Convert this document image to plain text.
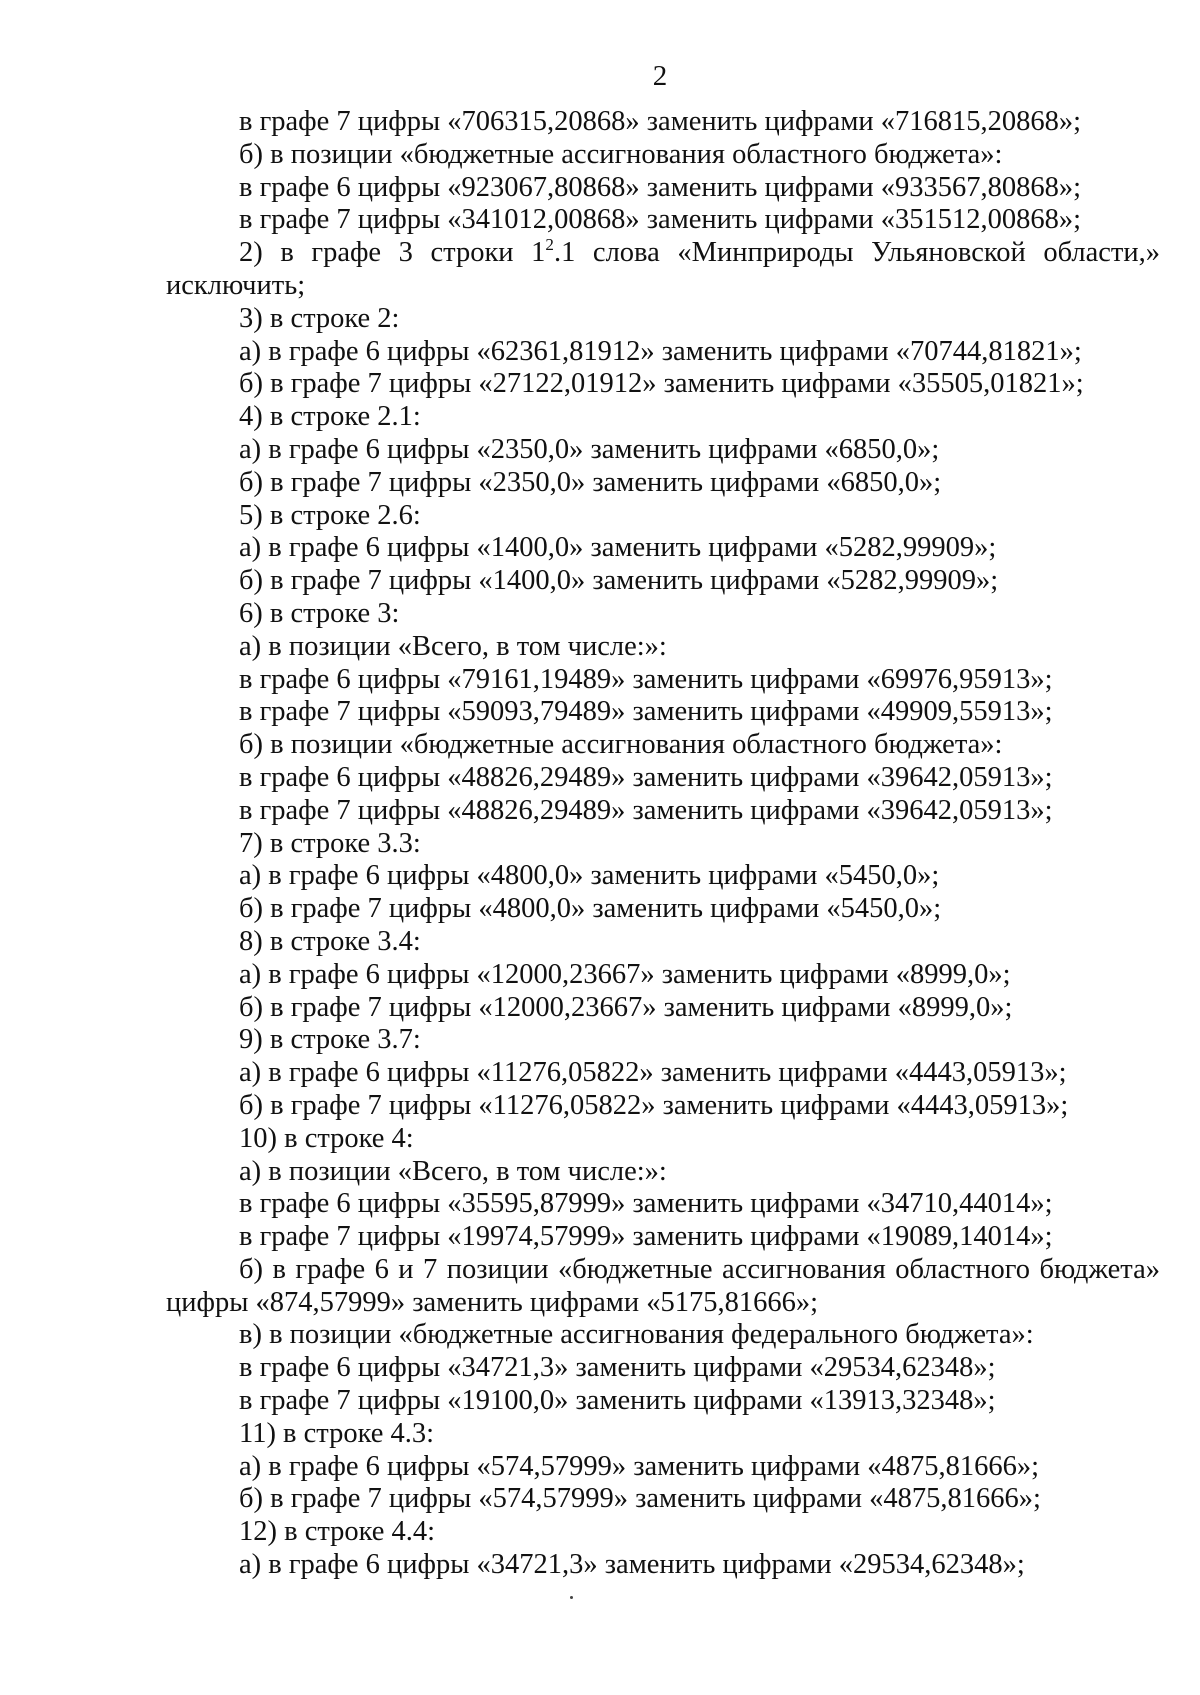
2
в графе 7 цифры «706315,20868» заменить цифрами «716815,20868»;
б) в позиции «бюджетные ассигнования областного бюджета»:
в графе 6 цифры «923067,80868» заменить цифрами «933567,80868»;
в графе 7 цифры «341012,00868» заменить цифрами «351512,00868»;
2) в графе 3 строки $1^2.1$ слова «Минприроды Ульяновской области,» исключить;
3) в строке 2:
а) в графе 6 цифры «62361,81912» заменить цифрами «70744,81821»;
б) в графе 7 цифры «27122,01912» заменить цифрами «35505,01821»;
4) в строке 2.1:
а) в графе 6 цифры «2350,0» заменить цифрами «6850,0»;
б) в графе 7 цифры «2350,0» заменить цифрами «6850,0»;
5) в строке 2.6:
а) в графе 6 цифры «1400,0» заменить цифрами «5282,99909»;
б) в графе 7 цифры «1400,0» заменить цифрами «5282,99909»;
6) в строке 3:
а) в позиции «Всего, в том числе:»:
в графе 6 цифры «79161,19489» заменить цифрами «69976,95913»;
в графе 7 цифры «59093,79489» заменить цифрами «49909,55913»;
б) в позиции «бюджетные ассигнования областного бюджета»:
в графе 6 цифры «48826,29489» заменить цифрами «39642,05913»;
в графе 7 цифры «48826,29489» заменить цифрами «39642,05913»;
7) в строке 3.3:
а) в графе 6 цифры «4800,0» заменить цифрами «5450,0»;
б) в графе 7 цифры «4800,0» заменить цифрами «5450,0»;
8) в строке 3.4:
а) в графе 6 цифры «12000,23667» заменить цифрами «8999,0»;
б) в графе 7 цифры «12000,23667» заменить цифрами «8999,0»;
9) в строке 3.7:
а) в графе 6 цифры «11276,05822» заменить цифрами «4443,05913»;
б) в графе 7 цифры «11276,05822» заменить цифрами «4443,05913»;
10) в строке 4:
а) в позиции «Всего, в том числе:»:
в графе 6 цифры «35595,87999» заменить цифрами «34710,44014»;
в графе 7 цифры «19974,57999» заменить цифрами «19089,14014»;
б) в графе 6 и 7 позиции «бюджетные ассигнования областного бюджета» цифры «874,57999» заменить цифрами «5175,81666»;
в) в позиции «бюджетные ассигнования федерального бюджета»:
в графе 6 цифры «34721,3» заменить цифрами «29534,62348»;
в графе 7 цифры «19100,0» заменить цифрами «13913,32348»;
11) в строке 4.3:
а) в графе 6 цифры «574,57999» заменить цифрами «4875,81666»;
б) в графе 7 цифры «574,57999» заменить цифрами «4875,81666»;
12) в строке 4.4:
а) в графе 6 цифры «34721,3» заменить цифрами «29534,62348»;
